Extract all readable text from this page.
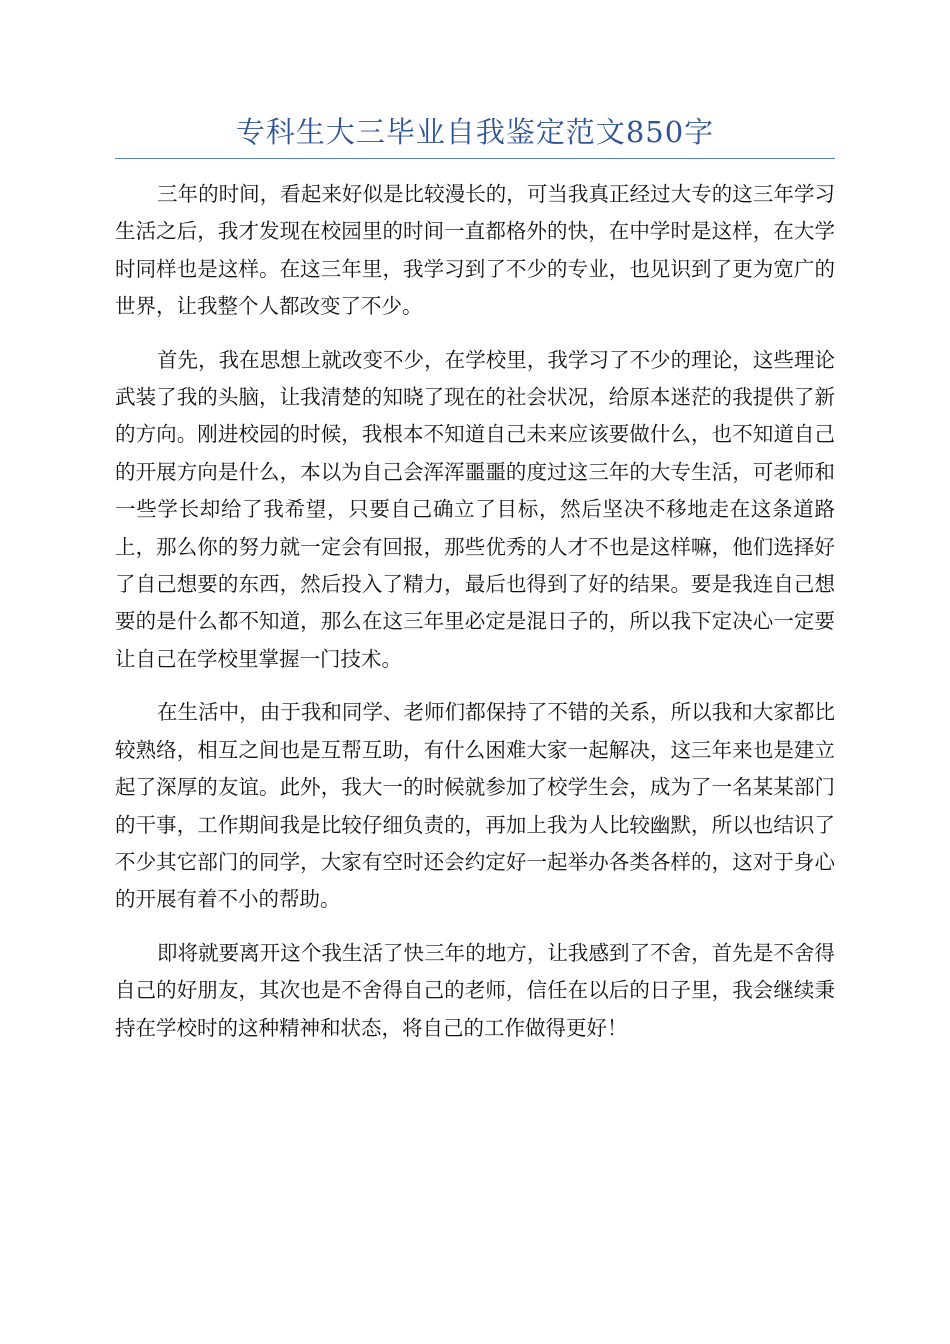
专科生大三毕业自我鉴定范文850字

三年的时间，看起来好似是比较漫长的，可当我真正经过大专的这三年学习生活之后，我才发现在校园里的时间一直都格外的快，在中学时是这样，在大学时同样也是这样。在这三年里，我学习到了不少的专业，也见识到了更为宽广的世界，让我整个人都改变了不少。

首先，我在思想上就改变不少，在学校里，我学习了不少的理论，这些理论武装了我的头脑，让我清楚的知晓了现在的社会状况，给原本迷茫的我提供了新的方向。刚进校园的时候，我根本不知道自己未来应该要做什么，也不知道自己的开展方向是什么，本以为自己会浑浑噩噩的度过这三年的大专生活，可老师和一些学长却给了我希望，只要自己确立了目标，然后坚决不移地走在这条道路上，那么你的努力就一定会有回报，那些优秀的人才不也是这样嘛，他们选择好了自己想要的东西，然后投入了精力，最后也得到了好的结果。要是我连自己想要的是什么都不知道，那么在这三年里必定是混日子的，所以我下定决心一定要让自己在学校里掌握一门技术。

在生活中，由于我和同学、老师们都保持了不错的关系，所以我和大家都比较熟络，相互之间也是互帮互助，有什么困难大家一起解决，这三年来也是建立起了深厚的友谊。此外，我大一的时候就参加了校学生会，成为了一名某某部门的干事，工作期间我是比较仔细负责的，再加上我为人比较幽默，所以也结识了不少其它部门的同学，大家有空时还会约定好一起举办各类各样的，这对于身心的开展有着不小的帮助。

即将就要离开这个我生活了快三年的地方，让我感到了不舍，首先是不舍得自己的好朋友，其次也是不舍得自己的老师，信任在以后的日子里，我会继续秉持在学校时的这种精神和状态，将自己的工作做得更好！
